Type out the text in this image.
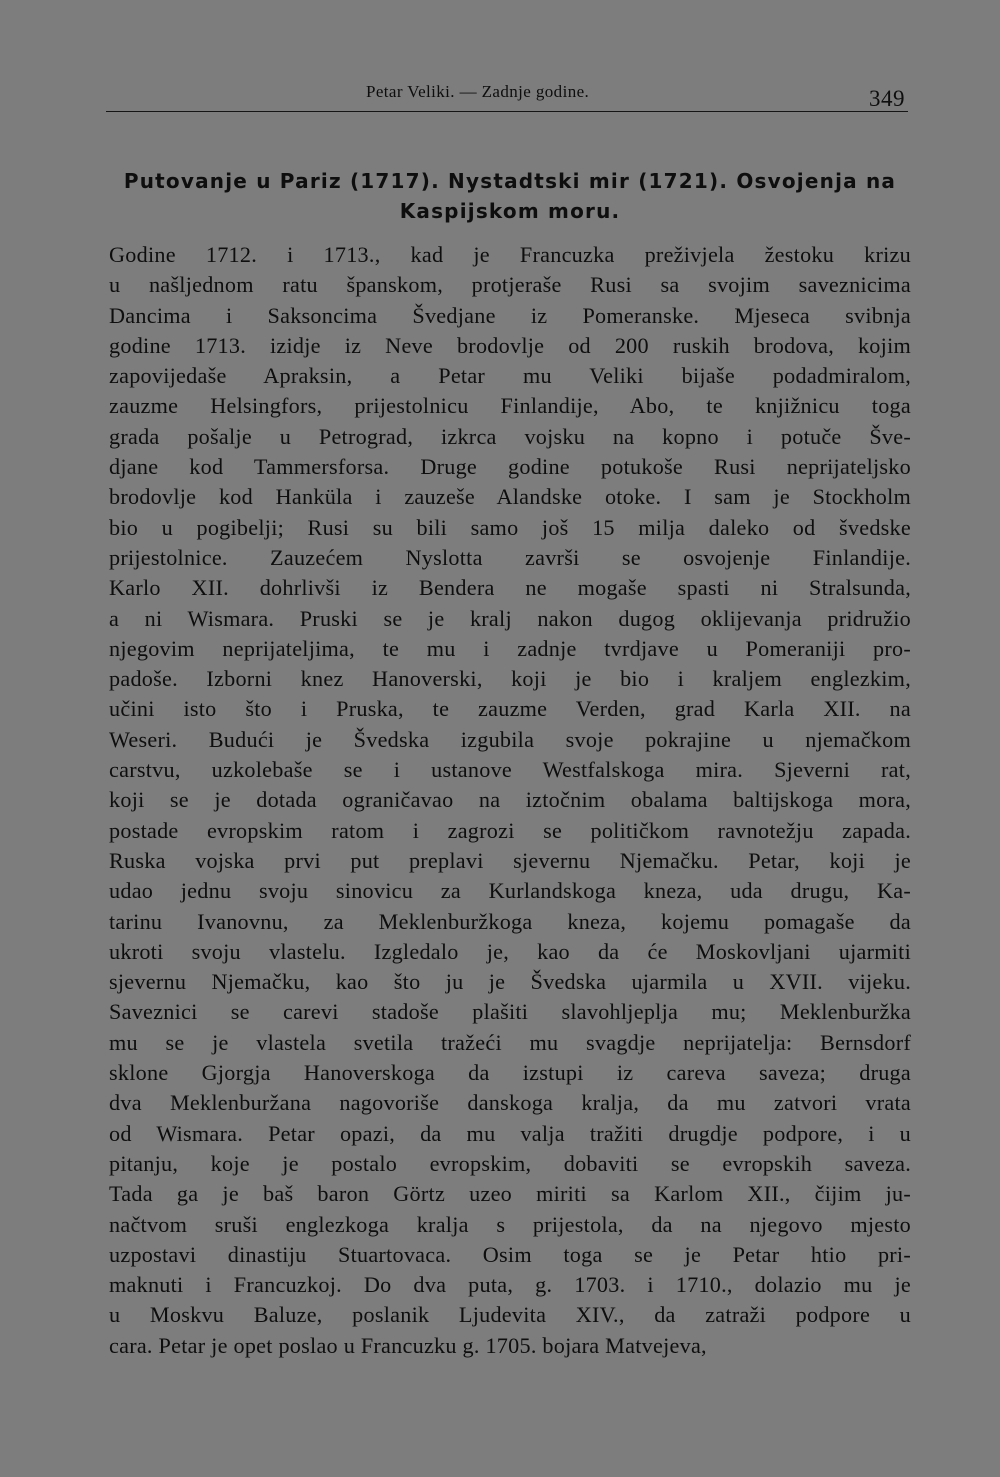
Petar Veliki. — Zadnje godine.	349
Putovanje u Pariz (1717). Nystadtski mir (1721). Osvojenja na
Kaspijskom moru.
Godine 1712. i 1713., kad je Francuzka preživjela žestoku krizu
u našljednom ratu španskom, protjeraše Rusi sa svojim saveznicima
Dancima i Saksoncima Švedjane iz Pomeranske. Mjeseca svibnja
godine 1713. izidje iz Neve brodovlje od 200 ruskih brodova, kojim
zapovijedaše Apraksin, a Petar mu Veliki bijaše podadmiralom,
zauzme Helsingfors, prijestolnicu Finlandije, Abo, te knjižnicu toga
grada pošalje u Petrograd, izkrca vojsku na kopno i potuče Šve-
djane kod Tammersforsa. Druge godine potukoše Rusi neprijateljsko
brodovlje kod Hanküla i zauzeše Alandske otoke. I sam je Stockholm
bio u pogibelji; Rusi su bili samo još 15 milja daleko od švedske
prijestolnice. Zauzećem Nyslotta završi se osvojenje Finlandije.
Karlo XII. dohrlivši iz Bendera ne mogaše spasti ni Stralsunda,
a ni Wismara. Pruski se je kralj nakon dugog oklijevanja pridružio
njegovim neprijateljima, te mu i zadnje tvrdjave u Pomeraniji pro-
padoše. Izborni knez Hanoverski, koji je bio i kraljem englezkim,
učini isto što i Pruska, te zauzme Verden, grad Karla XII. na
Weseri. Budući je Švedska izgubila svoje pokrajine u njemačkom
carstvu, uzkolebaše se i ustanove Westfalskoga mira. Sjeverni rat,
koji se je dotada ograničavao na iztočnim obalama baltijskoga mora,
postade evropskim ratom i zagrozi se političkom ravnotežju zapada.
Ruska vojska prvi put preplavi sjevernu Njemačku. Petar, koji je
udao jednu svoju sinovicu za Kurlandskoga kneza, uda drugu, Ka-
tarinu Ivanovnu, za Meklenburžkoga kneza, kojemu pomagaše da
ukroti svoju vlastelu. Izgledalo je, kao da će Moskovljani ujarmiti
sjevernu Njemačku, kao što ju je Švedska ujarmila u XVII. vijeku.
Saveznici se carevi stadoše plašiti slavohlјeplja mu; Meklenburžka
mu se je vlastela svetila tražeći mu svagdje neprijatelja: Bernsdorf
sklone Gjorgja Hanoverskoga da izstupi iz careva saveza; druga
dva Meklenburžana nagovoriše danskoga kralja, da mu zatvori vrata
od Wismara. Petar opazi, da mu valja tražiti drugdje podpore, i u
pitanju, koje je postalo evropskim, dobaviti se evropskih saveza.
Tada ga je baš baron Görtz uzeo miriti sa Karlom XII., čijim ju-
načtvom sruši englezkoga kralja s prijestola, da na njegovo mjesto
uzpostavi dinastiju Stuartovaca. Osim toga se je Petar htio pri-
maknuti i Francuzkoj. Do dva puta, g. 1703. i 1710., dolazio mu je
u Moskvu Baluze, poslanik Ljudevita XIV., da zatraži podpore u
cara. Petar je opet poslao u Francuzku g. 1705. bojara Matvejeva,
